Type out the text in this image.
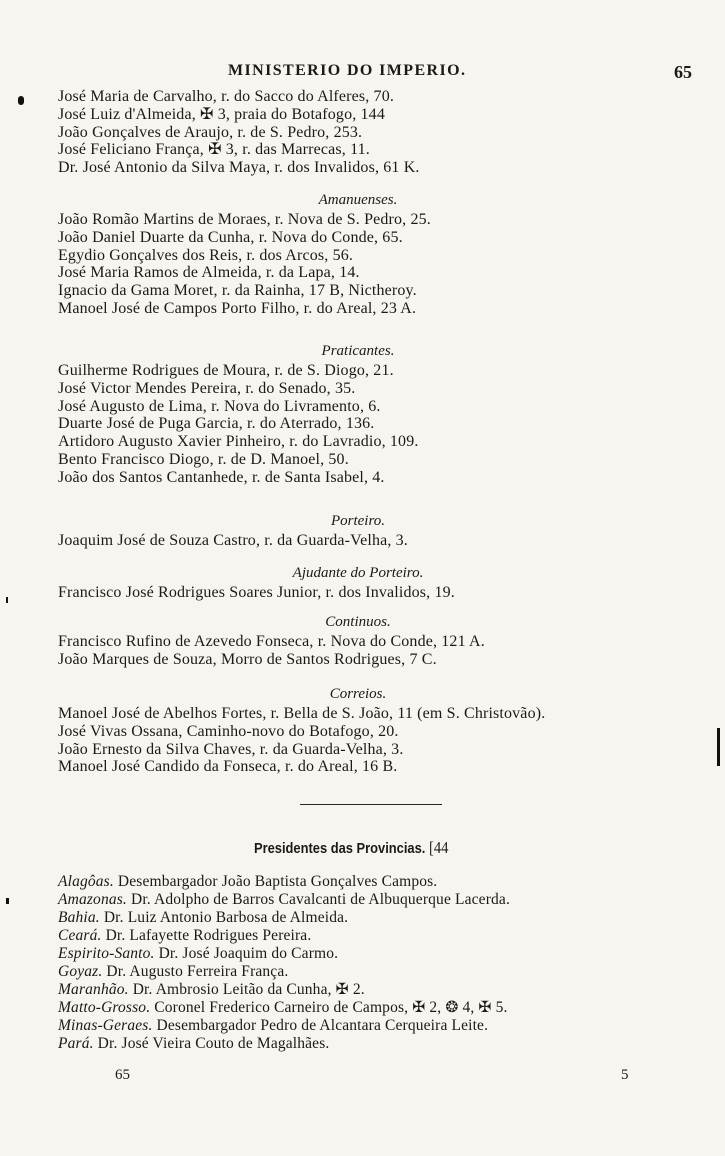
MINISTERIO DO IMPERIO.	65
José Maria de Carvalho, r. do Sacco do Alferes, 70.
José Luiz d'Almeida, ✠ 3, praia do Botafogo, 144
João Gonçalves de Araujo, r. de S. Pedro, 253.
José Feliciano França, ✠ 3, r. das Marrecas, 11.
Dr. José Antonio da Silva Maya, r. dos Invalidos, 61 K.
Amanuenses.
João Romão Martins de Moraes, r. Nova de S. Pedro, 25.
João Daniel Duarte da Cunha, r. Nova do Conde, 65.
Egydio Gonçalves dos Reis, r. dos Arcos, 56.
José Maria Ramos de Almeida, r. da Lapa, 14.
Ignacio da Gama Moret, r. da Rainha, 17 B, Nictheroy.
Manoel José de Campos Porto Filho, r. do Areal, 23 A.
Praticantes.
Guilherme Rodrigues de Moura, r. de S. Diogo, 21.
José Victor Mendes Pereira, r. do Senado, 35.
José Augusto de Lima, r. Nova do Livramento, 6.
Duarte José de Puga Garcia, r. do Aterrado, 136.
Artidoro Augusto Xavier Pinheiro, r. do Lavradio, 109.
Bento Francisco Diogo, r. de D. Manoel, 50.
João dos Santos Cantanhede, r. de Santa Isabel, 4.
Porteiro.
Joaquim José de Souza Castro, r. da Guarda-Velha, 3.
Ajudante do Porteiro.
Francisco José Rodrigues Soares Junior, r. dos Invalidos, 19.
Continuos.
Francisco Rufino de Azevedo Fonseca, r. Nova do Conde, 121 A.
João Marques de Souza, Morro de Santos Rodrigues, 7 C.
Correios.
Manoel José de Abelhos Fortes, r. Bella de S. João, 11 (em S. Christovão).
José Vivas Ossana, Caminho-novo do Botafogo, 20.
João Ernesto da Silva Chaves, r. da Guarda-Velha, 3.
Manoel José Candido da Fonseca, r. do Areal, 16 B.
Presidentes das Provincias. [44
Alagôas. Desembargador João Baptista Gonçalves Campos.
Amazonas. Dr. Adolpho de Barros Cavalcanti de Albuquerque Lacerda.
Bahia. Dr. Luiz Antonio Barbosa de Almeida.
Ceará. Dr. Lafayette Rodrigues Pereira.
Espirito-Santo. Dr. José Joaquim do Carmo.
Goyaz. Dr. Augusto Ferreira França.
Maranhão. Dr. Ambrosio Leitão da Cunha, ✠ 2.
Matto-Grosso. Coronel Frederico Carneiro de Campos, ✠ 2, ❂ 4, ✠ 5.
Minas-Geraes. Desembargador Pedro de Alcantara Cerqueira Leite.
Pará. Dr. José Vieira Couto de Magalhães.
65	5
